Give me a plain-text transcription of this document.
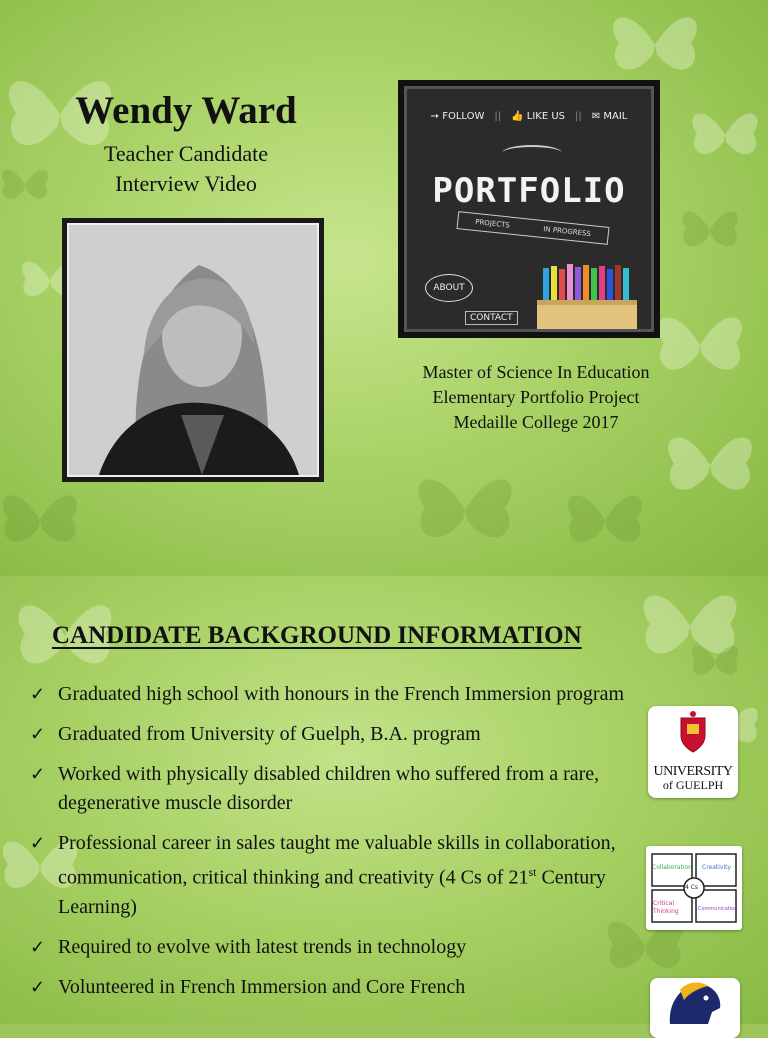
Wendy Ward
Teacher Candidate
Interview Video
➙ FOLLOW || 👍 LIKE US || ✉ MAIL
PORTFOLIO
PROJECTS
IN PROGRESS
ABOUT
CONTACT
Master of Science In Education
Elementary Portfolio Project
Medaille College 2017
CANDIDATE BACKGROUND INFORMATION
✓ Graduated high school with honours in the French Immersion program
✓ Graduated from University of Guelph, B.A. program
✓ Worked with physically disabled children who suffered from a rare, degenerative muscle disorder
✓ Professional career in sales taught me valuable skills in collaboration, communication, critical thinking and creativity (4 Cs of 21st Century Learning)
✓ Required to evolve with latest trends in technology
✓ Volunteered in French Immersion and Core French
UNIVERSITY
of GUELPH
Collaboration Creativity
4 Cs
Critical Thinking	Communication
